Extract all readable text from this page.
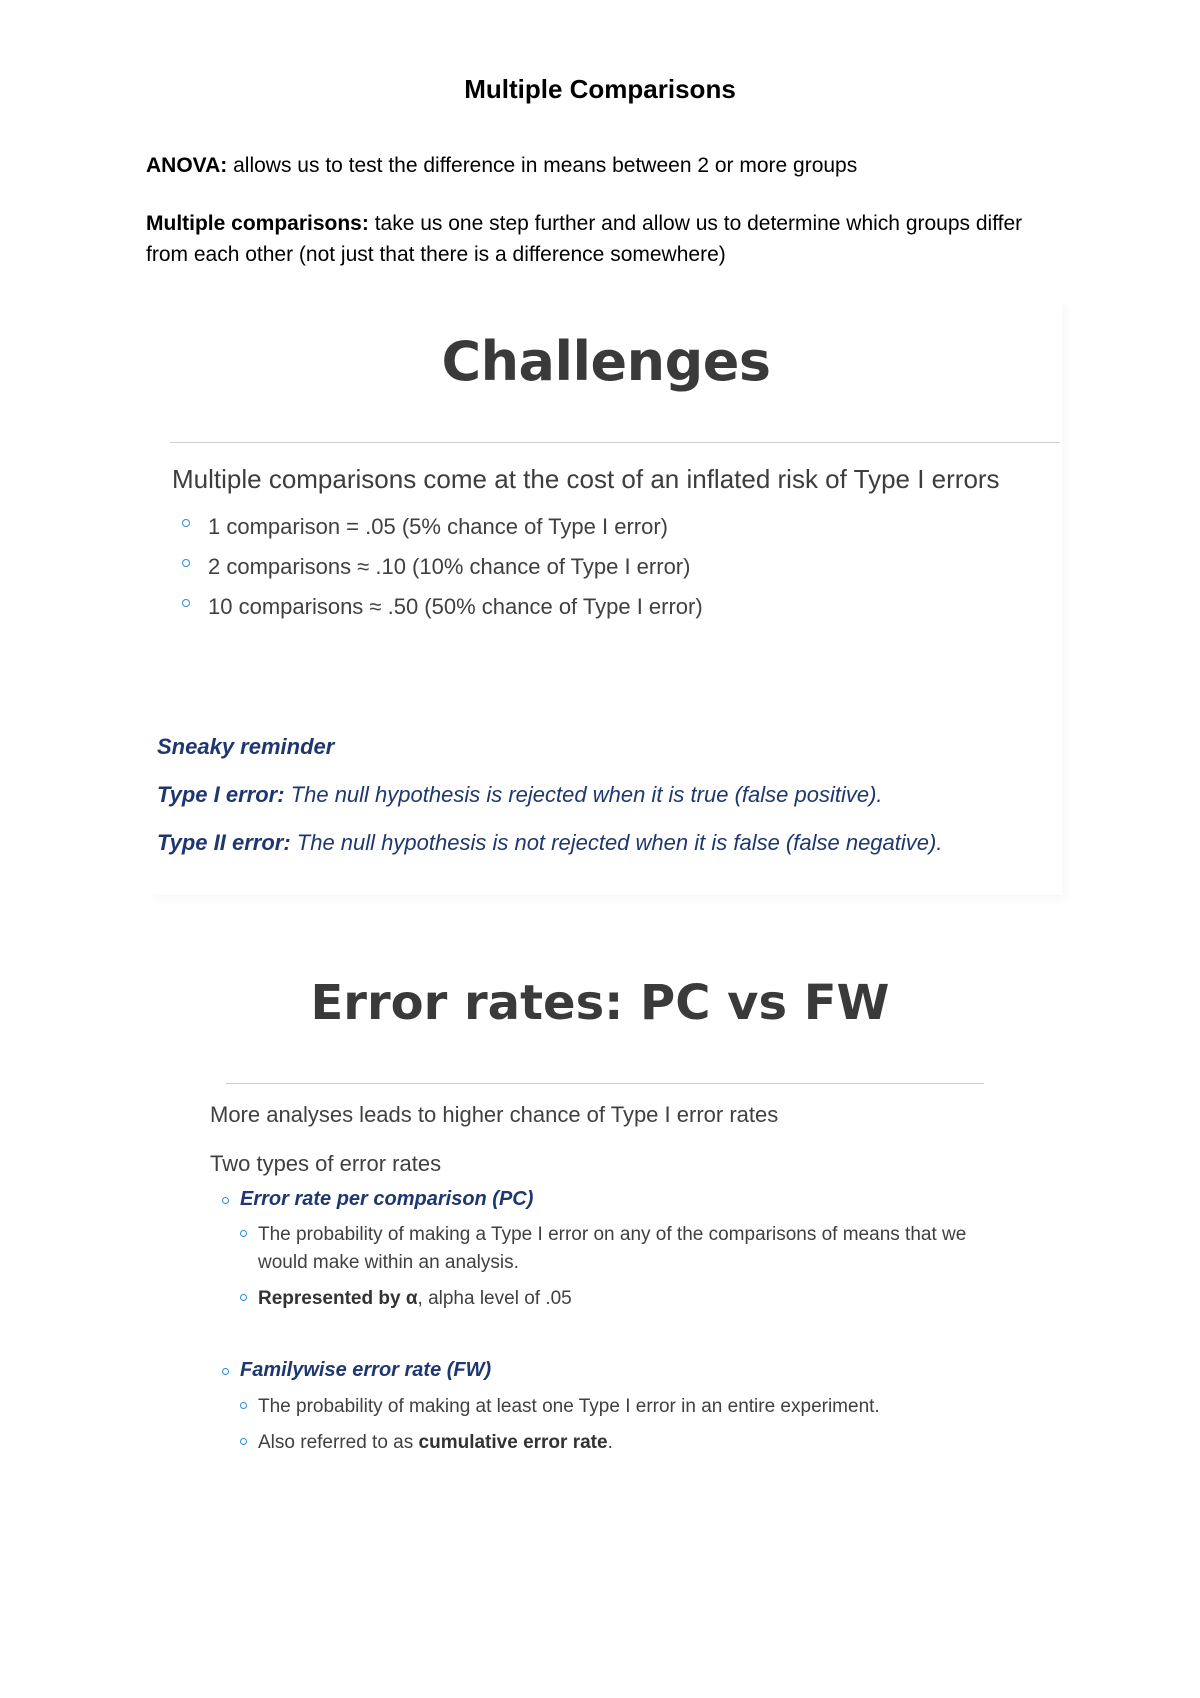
Multiple Comparisons
ANOVA: allows us to test the difference in means between 2 or more groups
Multiple comparisons: take us one step further and allow us to determine which groups differ from each other (not just that there is a difference somewhere)
Challenges
Multiple comparisons come at the cost of an inflated risk of Type I errors
1 comparison = .05 (5% chance of Type I error)
2 comparisons ≈ .10 (10% chance of Type I error)
10 comparisons ≈ .50 (50% chance of Type I error)
Sneaky reminder
Type I error: The null hypothesis is rejected when it is true (false positive).
Type II error: The null hypothesis is not rejected when it is false (false negative).
Error rates: PC vs FW
More analyses leads to higher chance of Type I error rates
Two types of error rates
Error rate per comparison (PC)
The probability of making a Type I error on any of the comparisons of means that we would make within an analysis.
Represented by α, alpha level of .05
Familywise error rate (FW)
The probability of making at least one Type I error in an entire experiment.
Also referred to as cumulative error rate.
